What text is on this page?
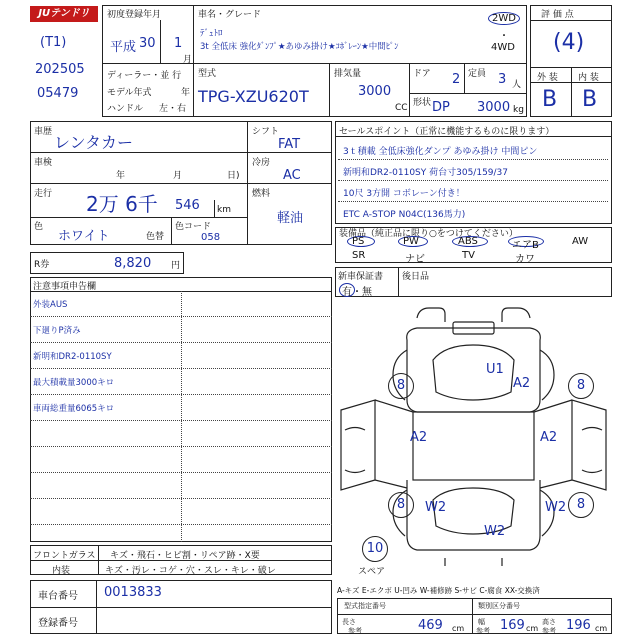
JUテンドリ
(T1)
202505
05479
初度登録年月
平成 30 1
月
車名・グレード
ﾃﾞｭﾄﾛ
3t 全低床 強化ﾀﾞﾝﾌﾟ★あゆみ掛け★ｺﾎﾞﾚｰﾝ★中間ﾋﾟﾝ
2WD
・
4WD
ディーラー・並 行
モデル年式	年
ハンドル 左・右
型式
TPG-XZU620T
排気量
3000
CC
ドア 2 定員 3 人
形状 DP 3000 kg
評 価 点
(4)
外 装 内 装
B B
車歴
レンタカー
車検
年	月	日)
走行 2万 6千 546 km
色
ホワイト	色替
色コード
058
シフト
FAT
冷房
AC
燃料
軽油
R券	8,820 円
セールスポイント（正常に機能するものに限ります）
3ｔ積載 全低床強化ダンプ あゆみ掛け 中間ピン
新明和DR2-0110SY 荷台寸305/159/37
10尺 3方開 コボレーン付き！
ETC A-STOP N04C(136馬力)
装備品（純正品に限り○をつけてください）
PS	PW	ABS	エアB	AW
SR	ナビ	TV	カワ
新車保証書
有・無
後日品
注意事項申告欄
外装AUS
下廻りP済み
新明和DR2-0110SY
最大積載量3000キロ
車両総重量6065キロ
U1
A2
A2	A2
W2	W2
W2
8	8
8	8
10
スペア
フロントガラス キズ・飛石・ヒビ割・リペア跡・X要
内装	キズ・汚レ・コゲ・穴・スレ・キレ・破レ
車台番号 0013833
登録番号
A-キズ E-エクボ U-凹み W-補修跡 S-サビ C-腐食 XX-交換済
型式指定番号	類別区分番号
長さ
参考	469 cm
幅
参考 169 cm
高さ
参考 196 cm
